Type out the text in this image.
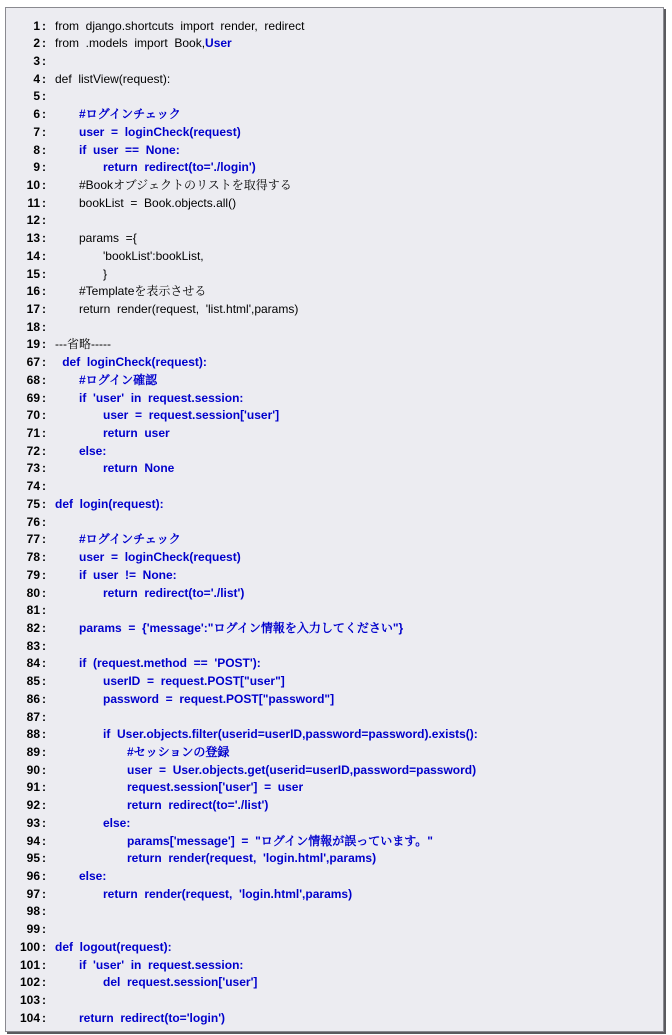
1 : from  django.shortcuts  import  render,  redirect
2 : from  .models  import  Book,User
3 :
4 : def  listView(request):
5 :
6 :	#ログインチェック
7 :	user  =  loginCheck(request)
8 :	if  user  ==  None:
9 :	return  redirect(to='./login')
10 :	#Bookオブジェクトのリストを取得する
11 :	bookList  =  Book.objects.all()
12 :
13 :	params  ={
14 :	'bookList':bookList,
15 :	}
16 :	#Templateを表示させる
17 :	return  render(request,  'list.html',params)
18 :
19 : ---省略-----
67 : def  loginCheck(request):
68 :	#ログイン確認
69 :	if  'user'  in  request.session:
70 :	user  =  request.session['user']
71 :	return  user
72 :	else:
73 :	return  None
74 :
75 : def  login(request):
76 :
77 :	#ログインチェック
78 :	user  =  loginCheck(request)
79 :	if  user  !=  None:
80 :	return  redirect(to='./list')
81 :
82 :	params  =  {'message':"ログイン情報を入力してください"}
83 :
84 :	if  (request.method  ==  'POST'):
85 :	userID  =  request.POST["user"]
86 :	password  =  request.POST["password"]
87 :
88 :	if  User.objects.filter(userid=userID,password=password).exists():
89 :	#セッションの登録
90 :	user  =  User.objects.get(userid=userID,password=password)
91 :	request.session['user']  =  user
92 :	return  redirect(to='./list')
93 :	else:
94 :	params['message']  =  "ログイン情報が誤っています。"
95 :	return  render(request,  'login.html',params)
96 :	else:
97 :	return  render(request,  'login.html',params)
98 :
99 :
100 : def  logout(request):
101 :	if  'user'  in  request.session:
102 :	del  request.session['user']
103 :
104 :	return  redirect(to='login')
